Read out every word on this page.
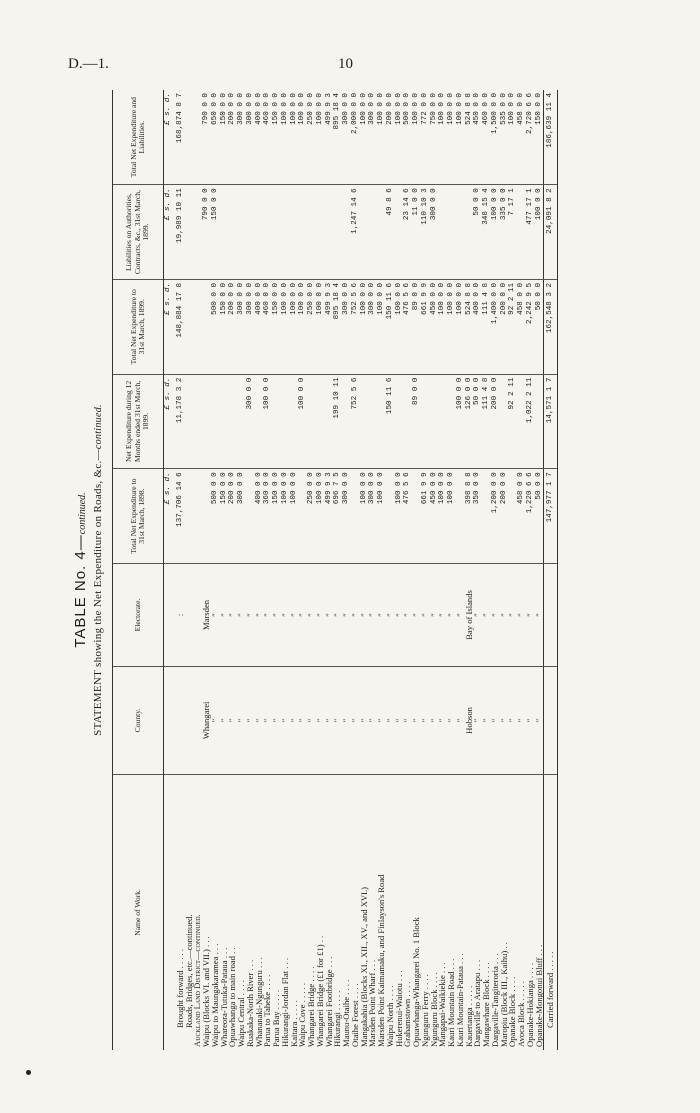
D.—1.	10
TABLE No. 4—continued. STATEMENT showing the Net Expenditure on Roads, &c.—continued.
Name of Work.	County.	Electorate.	Total Net Expenditure to 31st March, 1898.	Net Expenditure during 12 Months ended 31st March, 1899.	Total Net Expenditure to 31st March, 1899.	Liabilities on Authorities, Contracts, &c., 31st March, 1899.	Total Net Expenditure and Liabilities.
			£ s. d.	£ s. d.	£ s. d.	£ s. d.	£ s. d.
Brought forward . . . . .		:	137,706 14 6	11,178 3 2	148,884 17 8	19,989 10 11	168,874 8 7
Roads, Bridges, etc.—continued.							
Auckland Land District—continued.							
Waipu (Blocks VI. and VII.) . . .	Whangarei	Marsden				790 0 0	790 0 0
Waipu to Maungakaramea . . .	″	″	500 0 0		500 0 0	150 0 0	650 0 0
Whareora-Tutuka-Pataua . . .	″	″	150 0 0		150 0 0		150 0 0
Opuawhanga to main road . .	″	″	200 0 0		200 0 0		200 0 0
Waipu Central . . . .	″	″	300 0 0		300 0 0		300 0 0
Ruakaka-North River . . .	″	″		300 0 0	300 0 0		300 0 0
Whananaki-Ngunguru . . .	″	″	400 0 0		400 0 0		400 0 0
Parua to Taheke . . . .	″	″	360 0 0	100 0 0	460 0 0		460 0 0
Parua Bay . . . . .	″	″	150 0 0		150 0 0		150 0 0
Hikurangi-Jordan Flat . . .	″	″	100 0 0		100 0 0		100 0 0
Kaitara . . . . .	″	″	100 0 0		100 0 0		100 0 0
Waipu Cove . . . . .	″	″		100 0 0	100 0 0		100 0 0
Whangarei Bridge . . . .	″	″	250 0 0		250 0 0		250 0 0
Whangarei Bridge (£1 for £1) . .	″	″	100 0 0		100 0 0		100 0 0
Whangarei Footbridge . . .	″	″	499 9 3		499 9 3		499 9 3
Hikurangi . . . . .	″	″	696 7 5	199 10 11	895 18 4		895 18 4
Maunu-Otaihe . . . .	″	″	300 0 0		300 0 0		300 0 0
Otaihe Forest . . . .	″	″		752 5 6	752 5 6	1,247 14 6	2,000 0 0
Mangakahia (Blocks XI., XII., XV., and XVI.)	″	″	100 0 0		100 0 0		100 0 0
Marsden Point Wharf . . .	″	″	300 0 0		300 0 0		300 0 0
Marsden Point Kaimamaku, and Finlayson's Road	″	″	100 0 0		100 0 0		100 0 0
Waipu North . . . .	″	″		150 11 6	150 11 6	49 8 6	200 0 0
Hukerenui-Waiotu . . .	″	″	100 0 0		100 0 0		100 0 0
Grahamstown . . . .	″	″	476 5 6		476 5 6	23 14 6	500 0 0
Opuawhanga-Whangarei No. 1 Block	″	″		89 0 0	89 0 0	11 0 0	100 0 0
Ngunguru Ferry . . . .	″	″	661 9 9		661 9 9	110 10 3	772 0 0
Ngunguru Block . . . .	″	″	450 0 0		450 0 0	300 0 0	750 0 0
Mangapai-Waikiekie . . .	″	″	100 0 0		100 0 0		100 0 0
Kauri Mountain Road . . .	″	″	100 0 0		100 0 0		100 0 0
Kauri Mountain-Pataua . . .	″	″		100 0 0	100 0 0		100 0 0
Kauertanga . . . . .	Hobson	Bay of Islands	398 8 8	126 0 0	524 8 8		524 8 8
Dargaville to Aratapu . . .	″	″	350 0 0	50 0 0	400 0 0	50 0 0	450 0 0
Mangawhare Block . . . .	″	″		111 4 8	111 4 8	348 15 4	460 0 0
Dargaville-Tangiteroria . . .	″	″	1,200 0 0	200 0 0	1,400 0 0	100 0 0	1,500 0 0
Maropiu (Block III., Kaihu) . .	″	″	200 0 0		200 0 0	335 0 0	535 0 0
Opanake Block . . . .	″	″		92 2 11	92 2 11	7 17 1	100 0 0
Avoca Block . . . . .	″	″	458 0 0		458 0 0		458 0 0
Opanake-Hokianga . . . .	″	″	1,220 6 6	1,022 2 11	2,242 9 5	477 17 1	2,720 6 6
Opanake-Mongonui Bluff . . .	″	″	50 0 0		50 0 0	100 0 0	150 0 0
Carried forward . . . . .			147,977 1 7	14,571 1 7	162,548 3 2	24,091 8 2	186,639 11 4
